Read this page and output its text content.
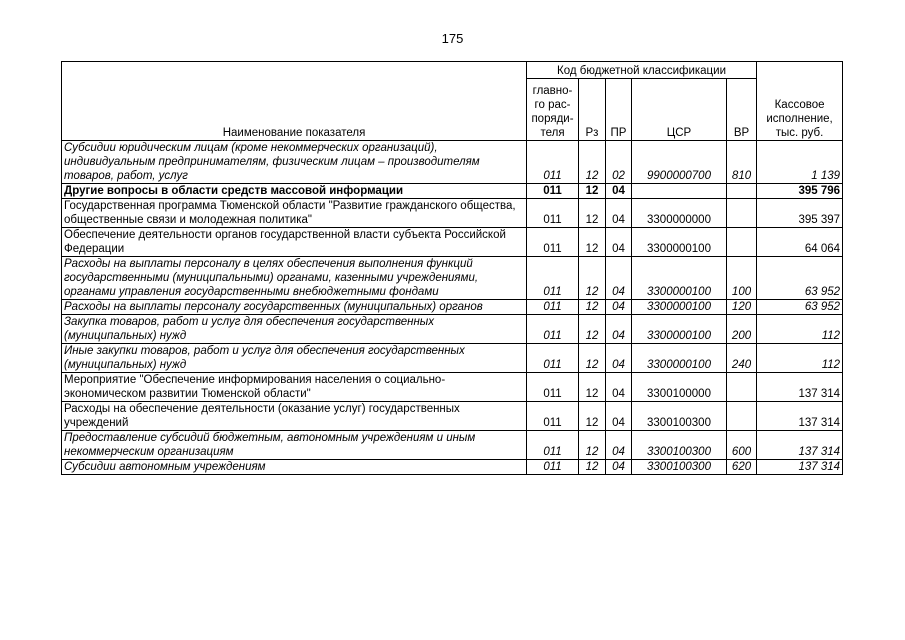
175
Наименование показателя	Код бюджетной классификации					Кассовое исполнение, тыс. руб.
	главно-го рас-поряди-теля	Рз	ПР	ЦСР	ВР	
Субсидии юридическим лицам (кроме некоммерческих организаций), индивидуальным предпринимателям, физическим лицам – производителям товаров, работ, услуг	011	12	02	9900000700	810	1 139
Другие вопросы в области средств массовой информации	011	12	04			395 796
Государственная программа Тюменской области "Развитие гражданского общества, общественные связи и молодежная политика"	011	12	04	3300000000		395 397
Обеспечение деятельности органов государственной власти субъекта Российской Федерации	011	12	04	3300000100		64 064
Расходы на выплаты персоналу в целях обеспечения выполнения функций государственными (муниципальными) органами, казенными учреждениями, органами управления государственными внебюджетными фондами	011	12	04	3300000100	100	63 952
Расходы на выплаты персоналу государственных (муниципальных) органов	011	12	04	3300000100	120	63 952
Закупка товаров, работ и услуг для обеспечения государственных (муниципальных) нужд	011	12	04	3300000100	200	112
Иные закупки товаров, работ и услуг для обеспечения государственных (муниципальных) нужд	011	12	04	3300000100	240	112
Мероприятие "Обеспечение информирования населения о социально-экономическом развитии Тюменской области"	011	12	04	3300100000		137 314
Расходы на обеспечение деятельности (оказание услуг) государственных учреждений	011	12	04	3300100300		137 314
Предоставление субсидий бюджетным, автономным учреждениям и иным некоммерческим организациям	011	12	04	3300100300	600	137 314
Субсидии автономным учреждениям	011	12	04	3300100300	620	137 314
